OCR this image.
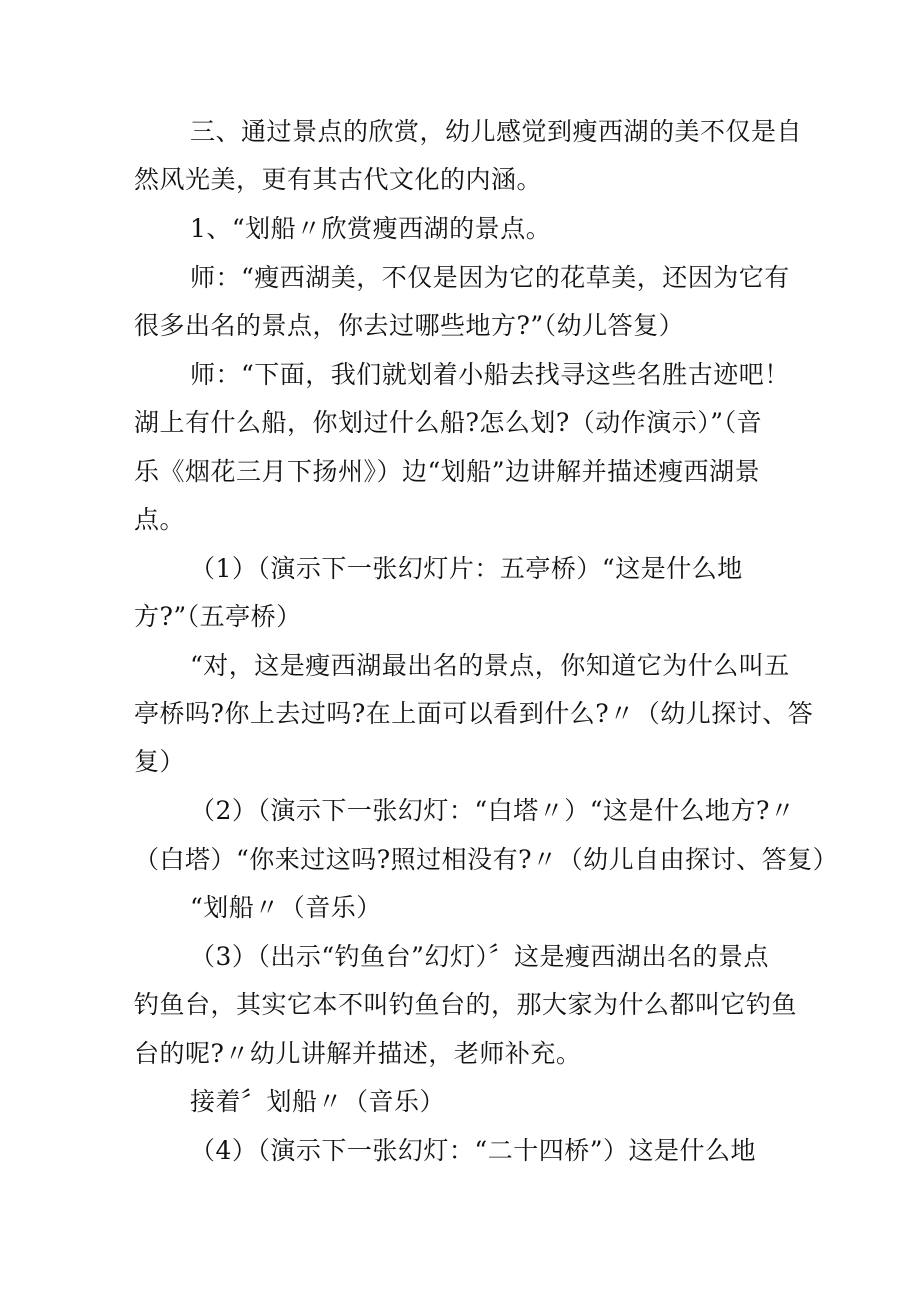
三、通过景点的欣赏，幼儿感觉到瘦西湖的美不仅是自
然风光美，更有其古代文化的内涵。
1、“划船〃欣赏瘦西湖的景点。
师：“瘦西湖美，不仅是因为它的花草美，还因为它有
很多出名的景点，你去过哪些地方?”（幼儿答复）
师：“下面，我们就划着小船去找寻这些名胜古迹吧！
湖上有什么船，你划过什么船?怎么划?（动作演示）”（音
乐《烟花三月下扬州》）边“划船”边讲解并描述瘦西湖景
点。
（1）（演示下一张幻灯片：五亭桥）“这是什么地
方?”（五亭桥）
“对，这是瘦西湖最出名的景点，你知道它为什么叫五
亭桥吗?你上去过吗?在上面可以看到什么?〃（幼儿探讨、答
复）
（2）（演示下一张幻灯：“白塔〃）“这是什么地方?〃
（白塔）“你来过这吗?照过相没有?〃（幼儿自由探讨、答复）
“划船〃（音乐）
（3）（出示“钓鱼台”幻灯）〞这是瘦西湖出名的景点
钓鱼台，其实它本不叫钓鱼台的，那大家为什么都叫它钓鱼
台的呢?〃幼儿讲解并描述，老师补充。
接着〞划船〃（音乐）
（4）（演示下一张幻灯：“二十四桥”）这是什么地
